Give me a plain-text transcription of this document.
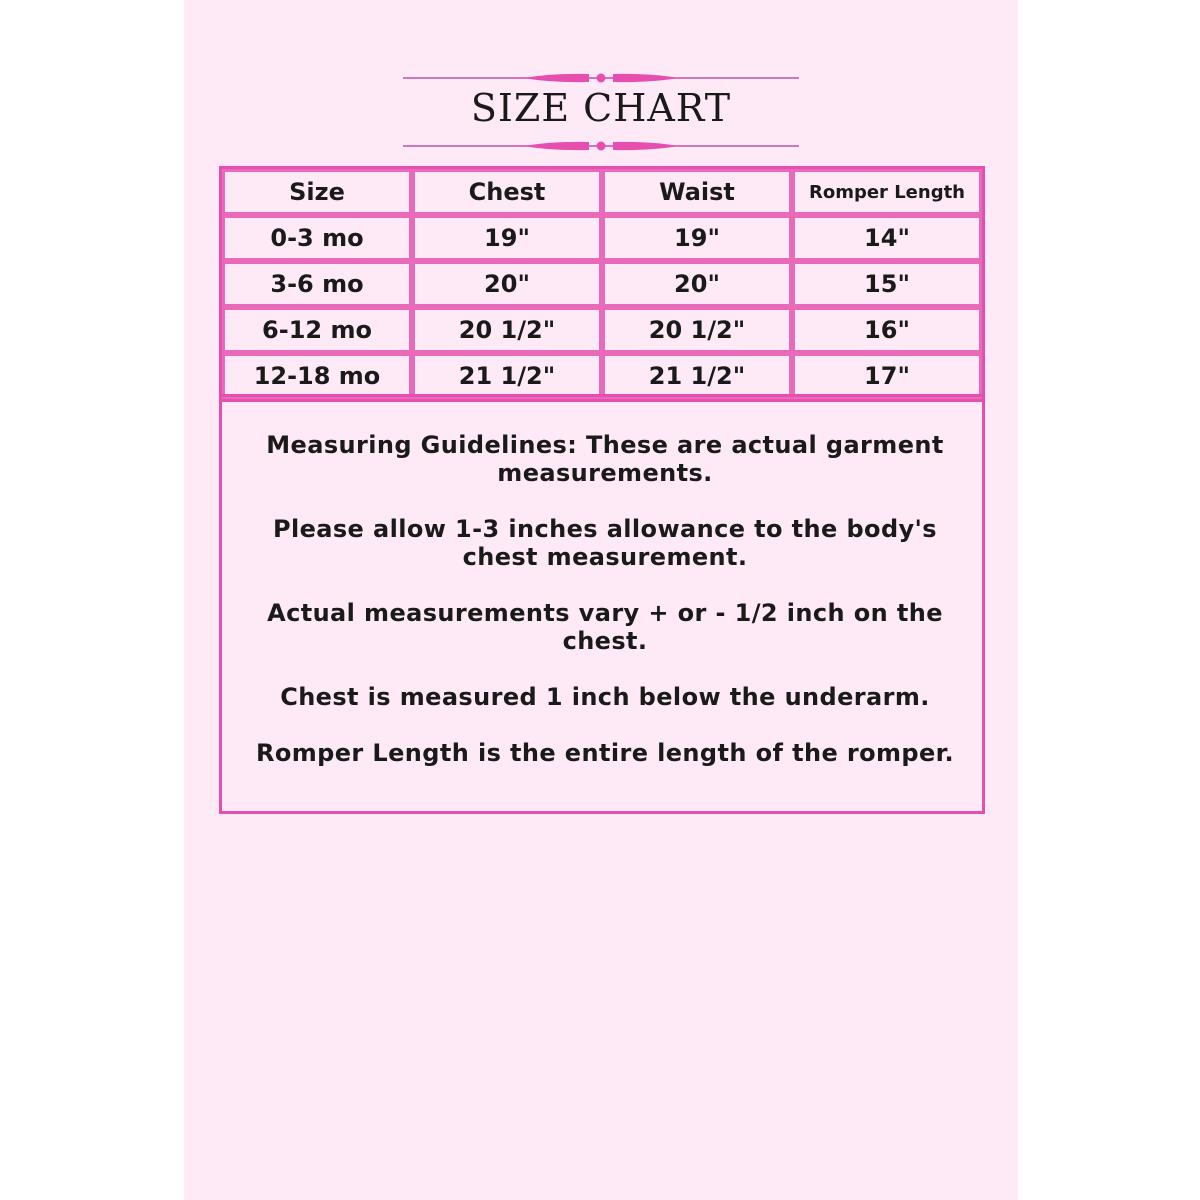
SIZE CHART
Size	Chest	Waist	Romper Length
0-3 mo	19"	19"	14"
3-6 mo	20"	20"	15"
6-12 mo	20 1/2"	20 1/2"	16"
12-18 mo	21 1/2"	21 1/2"	17"
Measuring Guidelines: These are actual garment measurements.
Please allow 1-3 inches allowance to the body's chest measurement.
Actual measurements vary + or - 1/2 inch on the chest.
Chest is measured 1 inch below the underarm.
Romper Length is the entire length of the romper.
